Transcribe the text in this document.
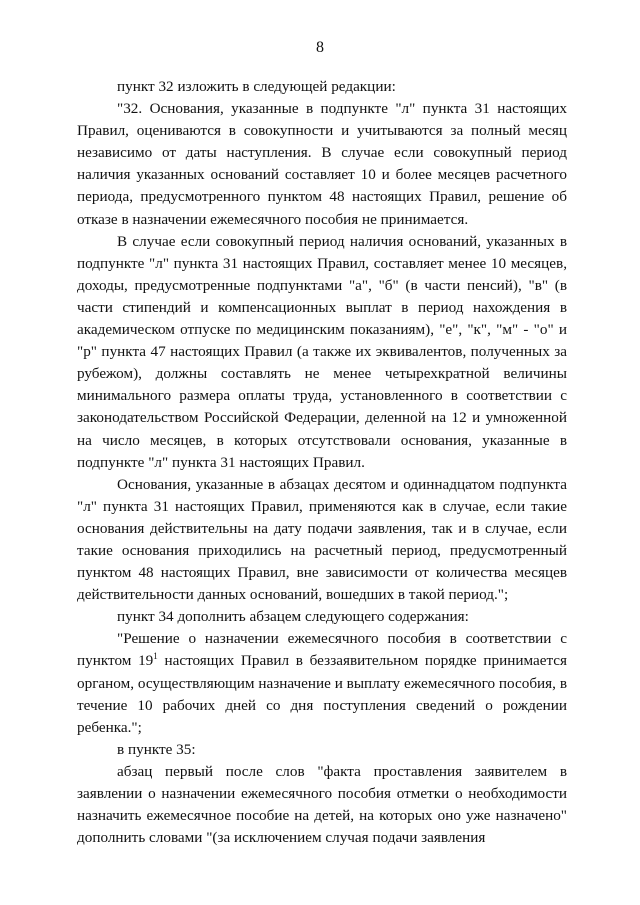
8

пункт 32 изложить в следующей редакции:

"32. Основания, указанные в подпункте "л" пункта 31 настоящих Правил, оцениваются в совокупности и учитываются за полный месяц независимо от даты наступления. В случае если совокупный период наличия указанных оснований составляет 10 и более месяцев расчетного периода, предусмотренного пунктом 48 настоящих Правил, решение об отказе в назначении ежемесячного пособия не принимается.

В случае если совокупный период наличия оснований, указанных в подпункте "л" пункта 31 настоящих Правил, составляет менее 10 месяцев, доходы, предусмотренные подпунктами "а", "б" (в части пенсий), "в" (в части стипендий и компенсационных выплат в период нахождения в академическом отпуске по медицинским показаниям), "е", "к", "м" - "о" и "р" пункта 47 настоящих Правил (а также их эквивалентов, полученных за рубежом), должны составлять не менее четырехкратной величины минимального размера оплаты труда, установленного в соответствии с законодательством Российской Федерации, деленной на 12 и умноженной на число месяцев, в которых отсутствовали основания, указанные в подпункте "л" пункта 31 настоящих Правил.

Основания, указанные в абзацах десятом и одиннадцатом подпункта "л" пункта 31 настоящих Правил, применяются как в случае, если такие основания действительны на дату подачи заявления, так и в случае, если такие основания приходились на расчетный период, предусмотренный пунктом 48 настоящих Правил, вне зависимости от количества месяцев действительности данных оснований, вошедших в такой период.";

пункт 34 дополнить абзацем следующего содержания:

"Решение о назначении ежемесячного пособия в соответствии с пунктом $19^1$ настоящих Правил в беззаявительном порядке принимается органом, осуществляющим назначение и выплату ежемесячного пособия, в течение 10 рабочих дней со дня поступления сведений о рождении ребенка.";

в пункте 35:

абзац первый после слов "факта проставления заявителем в заявлении о назначении ежемесячного пособия отметки о необходимости назначить ежемесячное пособие на детей, на которых оно уже назначено" дополнить словами "(за исключением случая подачи заявления
